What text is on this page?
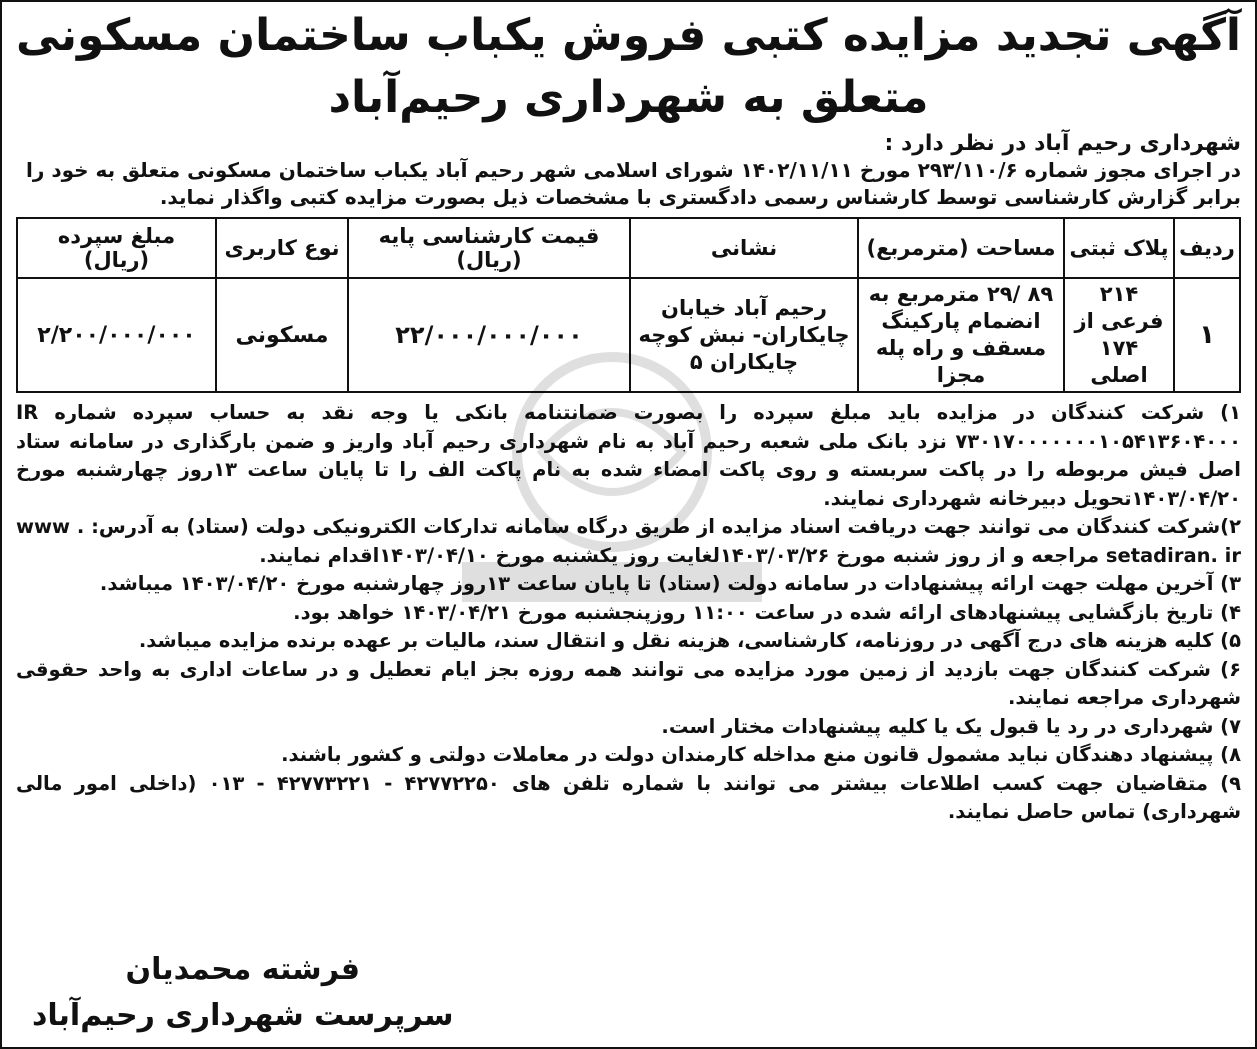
آگهی تجدید مزایده کتبی فروش یکباب ساختمان مسکونی
متعلق به شهرداری رحیم‌آباد
شهرداری رحیم آباد در نظر دارد :
در اجرای مجوز شماره ۲۹۳/۱۱۰/۶ مورخ ۱۴۰۲/۱۱/۱۱ شورای اسلامی شهر رحیم آباد یکباب ساختمان مسکونی متعلق به خود را برابر گزارش کارشناسی توسط کارشناس رسمی دادگستری با مشخصات ذیل بصورت مزایده کتبی واگذار نماید.
ردیف	پلاک ثبتی	مساحت (مترمربع)	نشانی	قیمت کارشناسی پایه (ریال)	نوع کاربری	مبلغ سپرده (ریال)
۱	۲۱۴ فرعی از ۱۷۴ اصلی	۸۹ /۲۹ مترمربع به انضمام پارکینگ مسقف و راه پله مجزا	رحیم آباد خیابان چایکاران- نبش کوچه چایکاران ۵	۲۲/۰۰۰/۰۰۰/۰۰۰	مسکونی	۲/۲۰۰/۰۰۰/۰۰۰

۱) شرکت کنندگان در مزایده باید مبلغ سپرده را بصورت ضمانتنامه بانکی یا وجه نقد به حساب سپرده شماره IR ۷۳۰۱۷۰۰۰۰۰۰۰۱۰۵۴۱۳۶۰۴۰۰۰ نزد بانک ملی شعبه رحیم آباد به نام شهرداری رحیم آباد واریز و ضمن بارگذاری در سامانه ستاد اصل فیش مربوطه را در پاکت سربسته و روی پاکت امضاء شده به نام پاکت الف را تا پایان ساعت ۱۳روز چهارشنبه مورخ ۱۴۰۳/۰۴/۲۰تحویل دبیرخانه شهرداری نمایند.

۲)شرکت کنندگان می توانند جهت دریافت اسناد مزایده از طریق درگاه سامانه تدارکات الکترونیکی دولت (ستاد) به آدرس: www . setadiran. ir مراجعه و از روز شنبه مورخ ۱۴۰۳/۰۳/۲۶لغایت روز یکشنبه مورخ ۱۴۰۳/۰۴/۱۰اقدام نمایند.

۳) آخرین مهلت جهت ارائه پیشنهادات در سامانه دولت (ستاد) تا پایان ساعت ۱۳روز چهارشنبه مورخ ۱۴۰۳/۰۴/۲۰ میباشد.

۴) تاریخ بازگشایی پیشنهادهای ارائه شده در ساعت ۱۱:۰۰ روزپنجشنبه مورخ ۱۴۰۳/۰۴/۲۱ خواهد بود.

۵) کلیه هزینه های درج آگهی در روزنامه، کارشناسی، هزینه نقل و انتقال سند، مالیات بر عهده برنده مزایده میباشد.

۶) شرکت کنندگان جهت بازدید از زمین مورد مزایده می توانند همه روزه بجز ایام تعطیل و در ساعات اداری به واحد حقوقی شهرداری مراجعه نمایند.

۷) شهرداری در رد یا قبول یک یا کلیه پیشنهادات مختار است.

۸) پیشنهاد دهندگان نباید مشمول قانون منع مداخله کارمندان دولت در معاملات دولتی و کشور باشند.

۹) متقاضیان جهت کسب اطلاعات بیشتر می توانند با شماره تلفن های ۴۲۷۷۲۲۵۰ - ۴۲۷۷۳۲۲۱ - ۰۱۳ (داخلی امور مالی شهرداری) تماس حاصل نمایند.

فرشته محمدیان
سرپرست شهرداری رحیم‌آباد
